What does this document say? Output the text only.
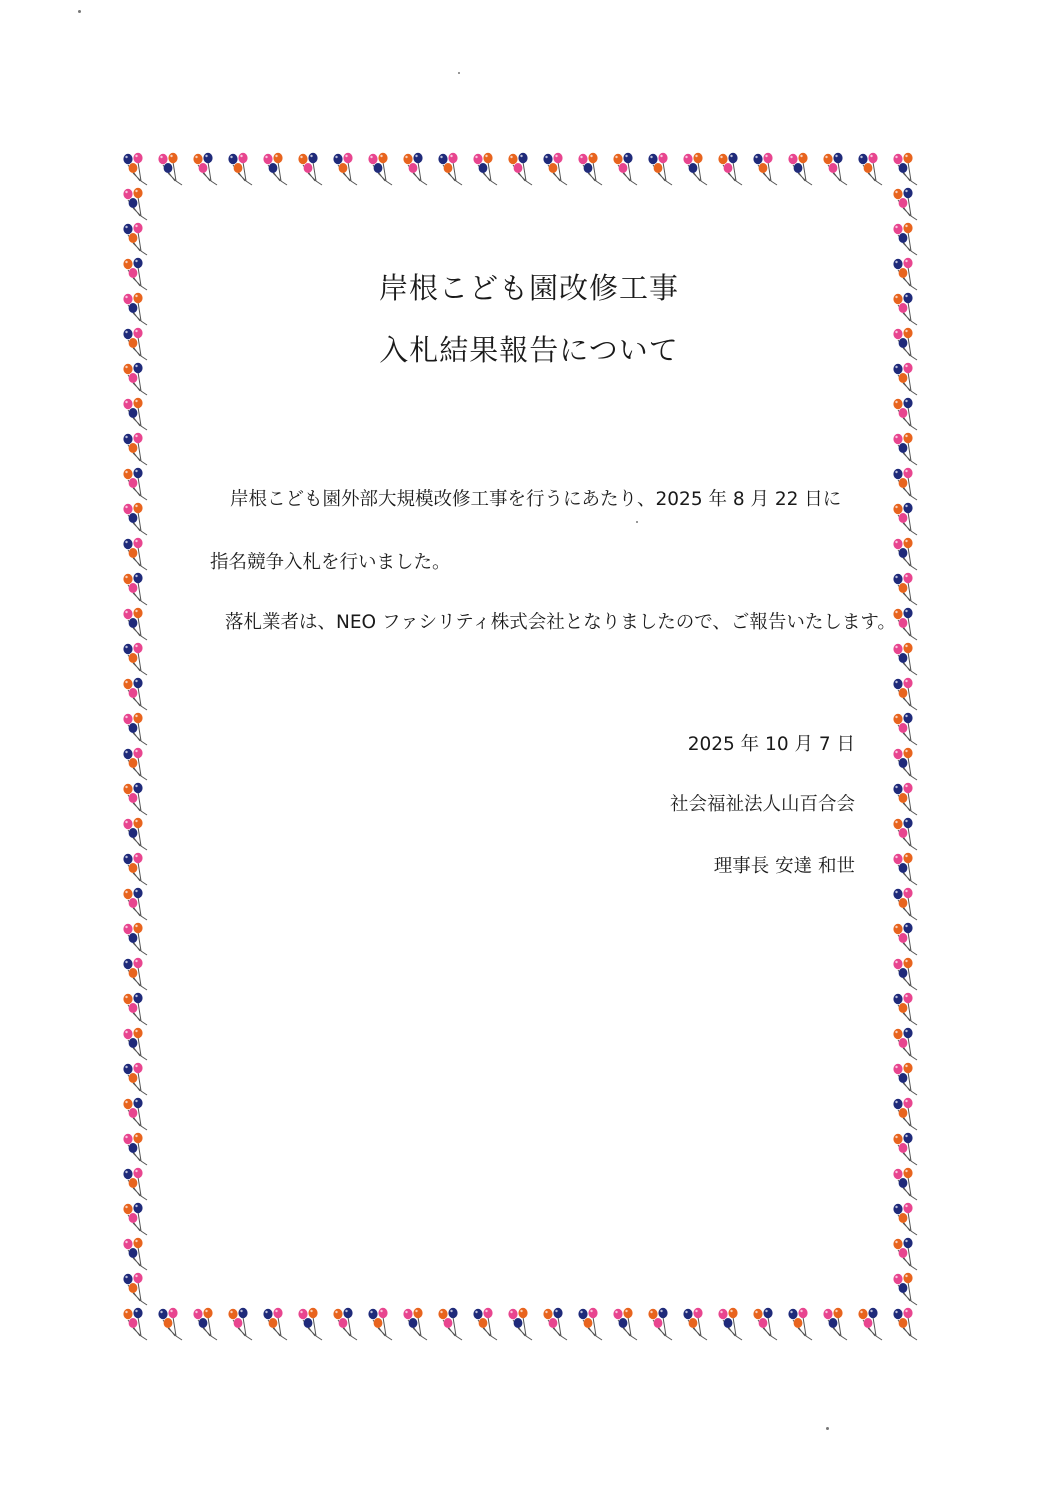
岸根こども園改修工事
入札結果報告について
岸根こども園外部大規模改修工事を行うにあたり、2025 年 8 月 22 日に
指名競争入札を行いました。
落札業者は、NEO ファシリティ株式会社となりましたので、ご報告いたします。
2025 年 10 月 7 日
社会福祉法人山百合会
理事長 安達 和世
